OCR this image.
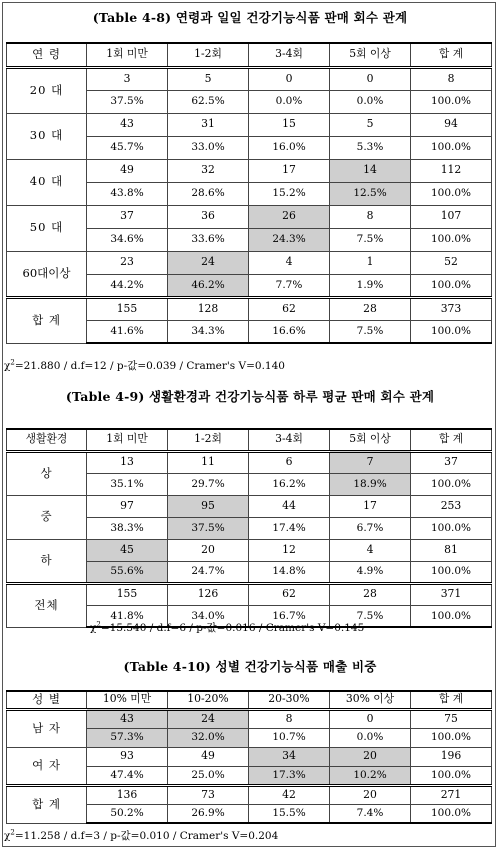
(Table 4-8) 연령과 일일 건강기능식품 판매 회수 관계
연 령	1회 미만	1-2회	3-4회	5회 이상	합 계
20 대	3	5	0	0	8
	37.5%	62.5%	0.0%	0.0%	100.0%
30 대	43	31	15	5	94
	45.7%	33.0%	16.0%	5.3%	100.0%
40 대	49	32	17	14	112
	43.8%	28.6%	15.2%	12.5%	100.0%
50 대	37	36	26	8	107
	34.6%	33.6%	24.3%	7.5%	100.0%
60대이상	23	24	4	1	52
	44.2%	46.2%	7.7%	1.9%	100.0%
합 계	155	128	62	28	373
	41.6%	34.3%	16.6%	7.5%	100.0%
$\chi^2=21.880 / d.f=12 / p-$값=0.039 / Cramer's V=0.140
(Table 4-9) 생활환경과 건강기능식품 하루 평균 판매 회수 관계
생활환경	1회 미만	1-2회	3-4회	5회 이상	합 계
상	13	11	6	7	37
	35.1%	29.7%	16.2%	18.9%	100.0%
중	97	95	44	17	253
	38.3%	37.5%	17.4%	6.7%	100.0%
하	45	20	12	4	81
	55.6%	24.7%	14.8%	4.9%	100.0%
전체	155	126	62	28	371
	41.8%	34.0%	16.7%	7.5%	100.0%
$\chi^2=15.540 / d.f=6 / p-$값=0.016 / Cramer's V=0.145
(Table 4-10) 성별 건강기능식품 매출 비중
성 별	10% 미만	10-20%	20-30%	30% 이상	합 계
남 자	43	24	8	0	75
	57.3%	32.0%	10.7%	0.0%	100.0%
여 자	93	49	34	20	196
	47.4%	25.0%	17.3%	10.2%	100.0%
합 계	136	73	42	20	271
	50.2%	26.9%	15.5%	7.4%	100.0%
$\chi^2=11.258 / d.f=3 / p-$값=0.010 / Cramer's V=0.204
